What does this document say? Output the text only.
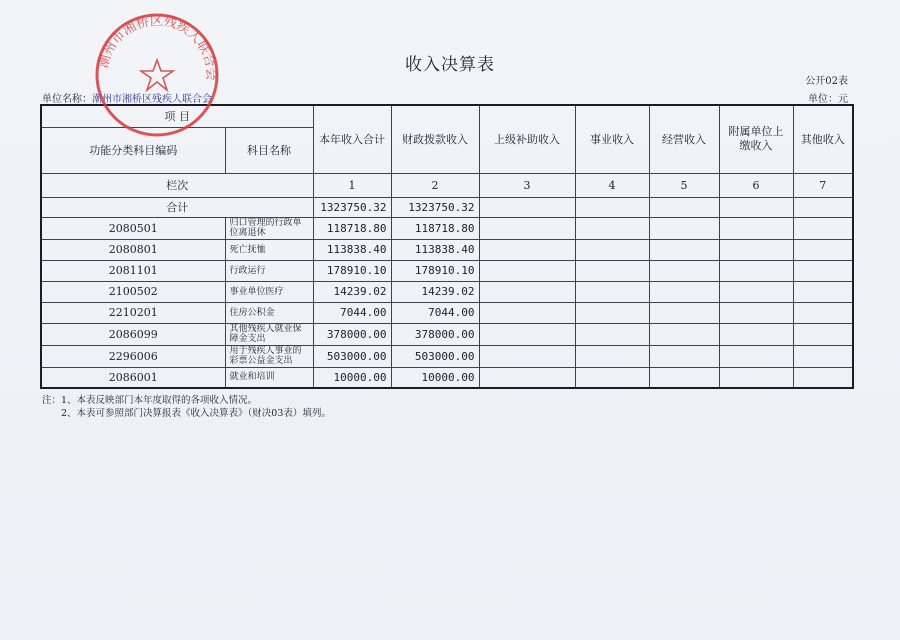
收入决算表
公开02表
单位：元
单位名称：潮州市湘桥区残疾人联合会
项 目		本年收入合计	财政拨款收入	上级补助收入	事业收入	经营收入	附属单位上缴收入	其他收入
功能分类科目编码	科目名称							
栏次		1	2	3	4	5	6	7
合计		1323750.32	1323750.32					
2080501	归口管理的行政单位离退休	118718.80	118718.80					
2080801	死亡抚恤	113838.40	113838.40					
2081101	行政运行	178910.10	178910.10					
2100502	事业单位医疗	14239.02	14239.02					
2210201	住房公积金	7044.00	7044.00					
2086099	其他残疾人就业保障金支出	378000.00	378000.00					
2296006	用于残疾人事业的彩票公益金支出	503000.00	503000.00					
2086001	就业和培训	10000.00	10000.00					
注：1、本表反映部门本年度取得的各项收入情况。
　　2、本表可参照部门决算报表《收入决算表》（财决03表）填列。
潮州市湘桥区残疾人联合会
